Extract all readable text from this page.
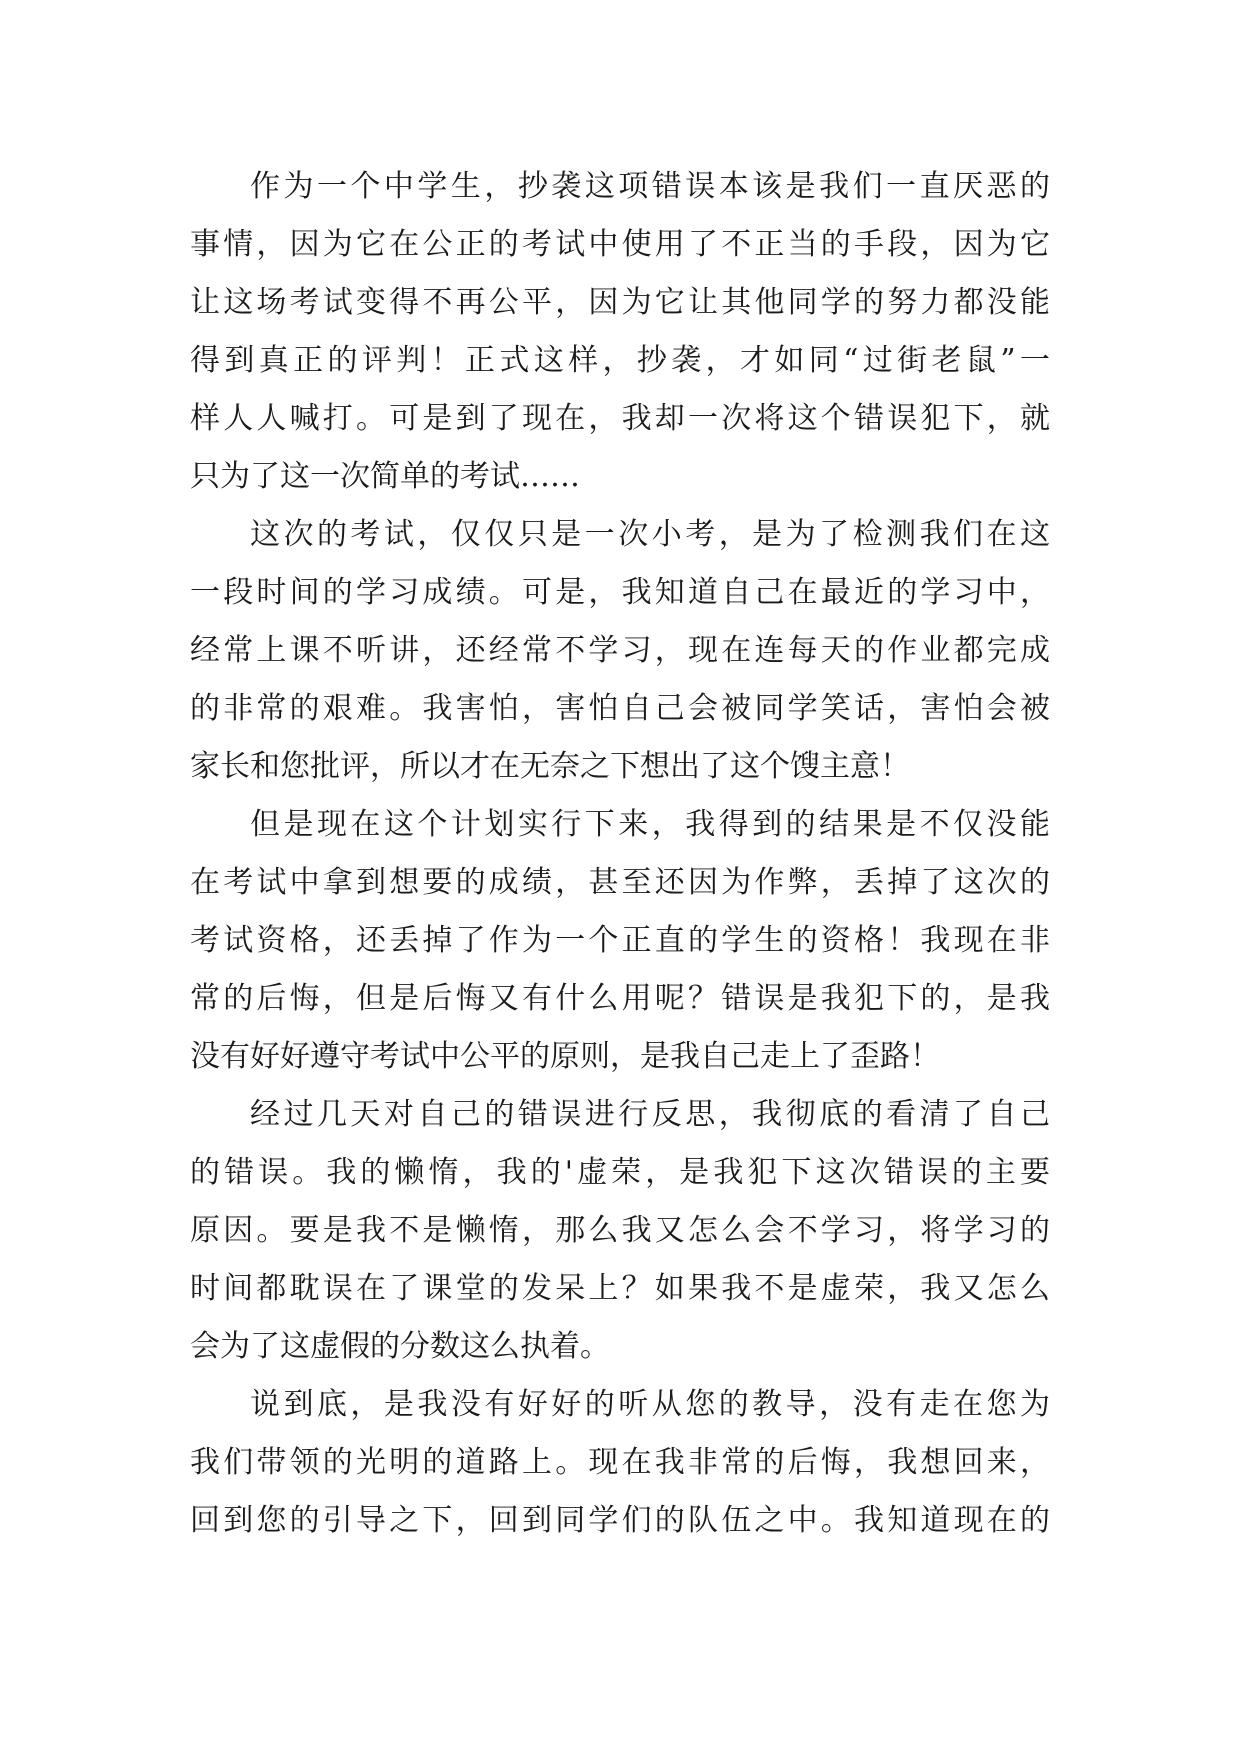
作为一个中学生，抄袭这项错误本该是我们一直厌恶的
事情，因为它在公正的考试中使用了不正当的手段，因为它
让这场考试变得不再公平，因为它让其他同学的努力都没能
得到真正的评判！正式这样，抄袭，才如同“过街老鼠”一
样人人喊打。可是到了现在，我却一次将这个错误犯下，就
只为了这一次简单的考试……
这次的考试，仅仅只是一次小考，是为了检测我们在这
一段时间的学习成绩。可是，我知道自己在最近的学习中，
经常上课不听讲，还经常不学习，现在连每天的作业都完成
的非常的艰难。我害怕，害怕自己会被同学笑话，害怕会被
家长和您批评，所以才在无奈之下想出了这个馊主意！
但是现在这个计划实行下来，我得到的结果是不仅没能
在考试中拿到想要的成绩，甚至还因为作弊，丢掉了这次的
考试资格，还丢掉了作为一个正直的学生的资格！我现在非
常的后悔，但是后悔又有什么用呢？错误是我犯下的，是我
没有好好遵守考试中公平的原则，是我自己走上了歪路！
经过几天对自己的错误进行反思，我彻底的看清了自己
的错误。我的懒惰，我的'虚荣，是我犯下这次错误的主要
原因。要是我不是懒惰，那么我又怎么会不学习，将学习的
时间都耽误在了课堂的发呆上？如果我不是虚荣，我又怎么
会为了这虚假的分数这么执着。
说到底，是我没有好好的听从您的教导，没有走在您为
我们带领的光明的道路上。现在我非常的后悔，我想回来，
回到您的引导之下，回到同学们的队伍之中。我知道现在的
